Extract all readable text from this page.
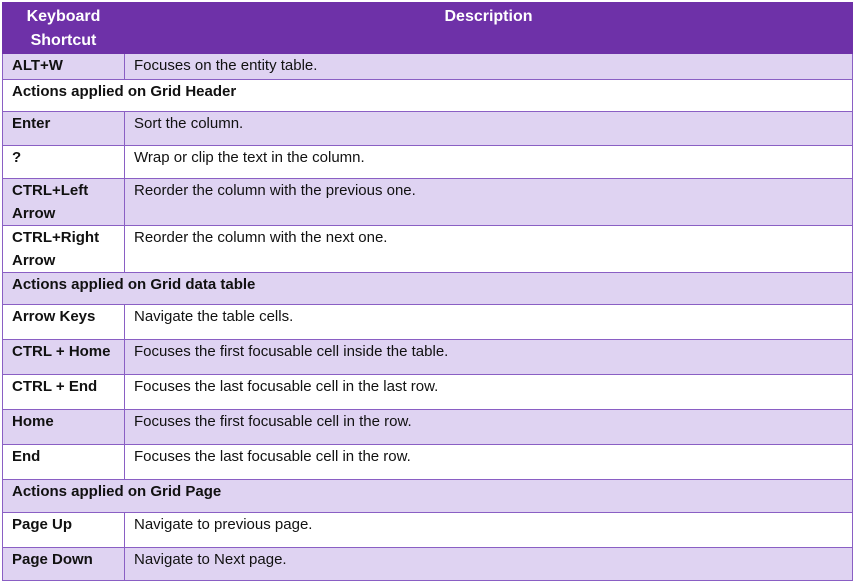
Keyboard Shortcut	Description
ALT+W	Focuses on the entity table.
Actions applied on Grid Header	
Enter	Sort the column.
?	Wrap or clip the text in the column.
CTRL+Left Arrow	Reorder the column with the previous one.
CTRL+Right Arrow	Reorder the column with the next one.
Actions applied on Grid data table	
Arrow Keys	Navigate the table cells.
CTRL + Home	Focuses the first focusable cell inside the table.
CTRL + End	Focuses the last focusable cell in the last row.
Home	Focuses the first focusable cell in the row.
End	Focuses the last focusable cell in the row.
Actions applied on Grid Page	
Page Up	Navigate to previous page.
Page Down	Navigate to Next page.
